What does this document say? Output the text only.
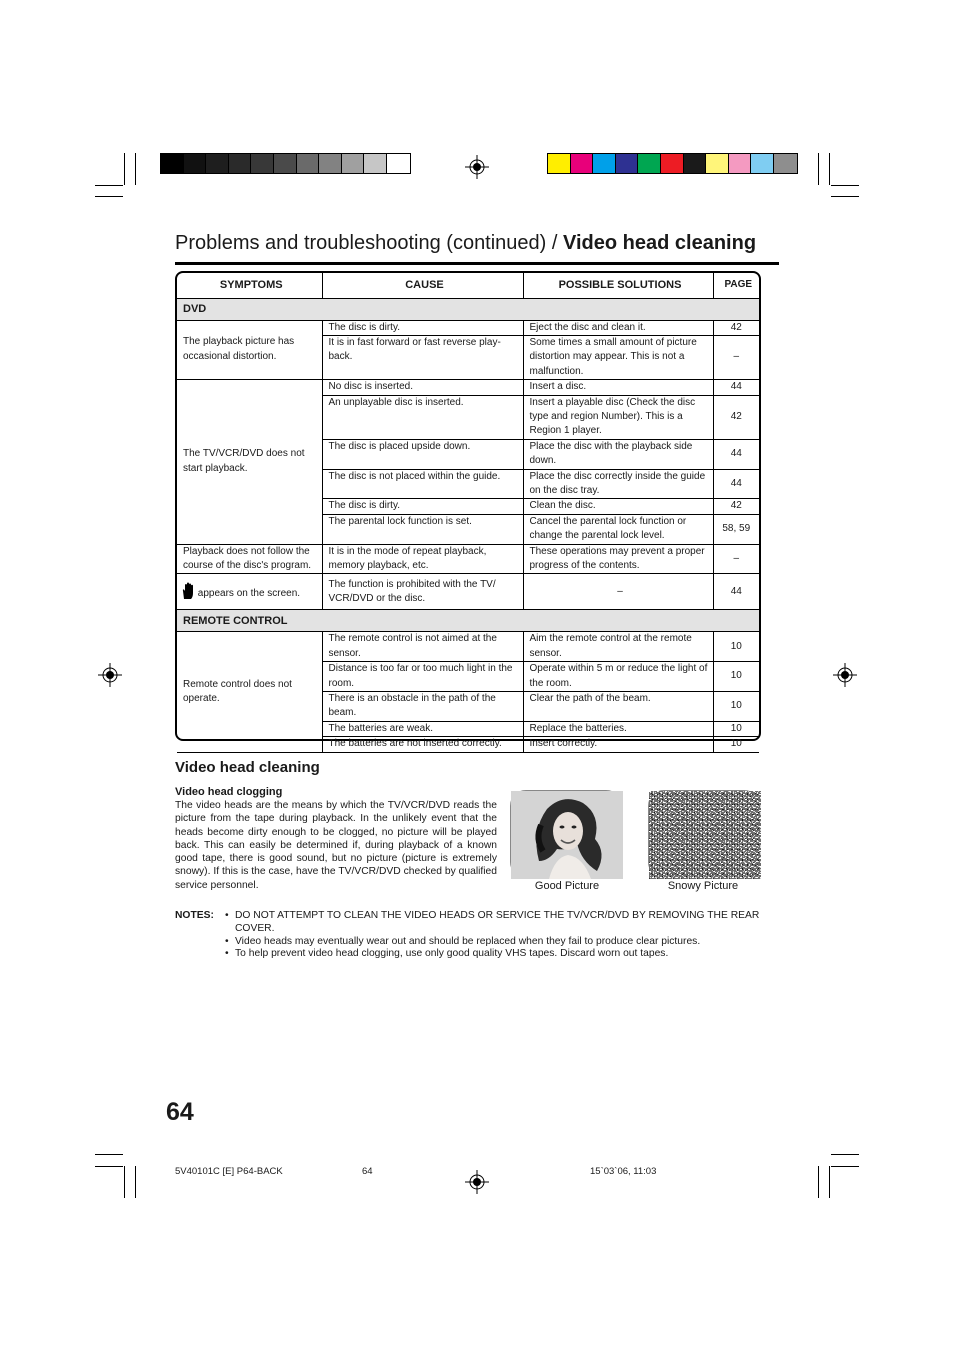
Problems and troubleshooting (continued) / Video head cleaning
SYMPTOMS	CAUSE	POSSIBLE SOLUTIONS	PAGE
DVD			
The playback picture has occasional distortion.	The disc is dirty.	Eject the disc and clean it.	42
	It is in fast forward or fast reverse play-back.	Some times a small amount of picture distortion may appear. This is not a malfunction.	–
The TV/VCR/DVD does not start playback.	No disc is inserted.	Insert a disc.	44
	An unplayable disc is inserted.	Insert a playable disc (Check the disc type and region Number). This is a Region 1 player.	42
	The disc is placed upside down.	Place the disc with the playback side down.	44
	The disc is not placed within the guide.	Place the disc correctly inside the guide on the disc tray.	44
	The disc is dirty.	Clean the disc.	42
	The parental lock function is set.	Cancel the parental lock function or change the parental lock level.	58, 59
Playback does not follow the course of the disc's program.	It is in the mode of repeat playback, memory playback, etc.	These operations may prevent a proper progress of the contents.	–
appears on the screen.	The function is prohibited with the TV/ VCR/DVD or the disc.	–	44
REMOTE CONTROL			
Remote control does not operate.	The remote control is not aimed at the sensor.	Aim the remote control at the remote sensor.	10
	Distance is too far or too much light in the room.	Operate within 5 m or reduce the light of the room.	10
	There is an obstacle in the path of the beam.	Clear the path of the beam.	10
	The batteries are weak.	Replace the batteries.	10
	The batteries are not inserted correctly.	Insert correctly.	10
Video head cleaning
Video head clogging

The video heads are the means by which the TV/VCR/DVD reads the picture from the tape during playback. In the unlikely event that the heads become dirty enough to be clogged, no picture will be played back. This can easily be determined if, during playback of a known good tape, there is good sound, but no picture (picture is extremely snowy). If this is the case, have the TV/VCR/DVD checked by qualified service personnel.	Good Picture	Snowy Picture
NOTES:	• DO NOT ATTEMPT TO CLEAN THE VIDEO HEADS OR SERVICE THE TV/VCR/DVD BY REMOVING THE REAR COVER.
• Video heads may eventually wear out and should be replaced when they fail to produce clear pictures.
• To help prevent video head clogging, use only good quality VHS tapes. Discard worn out tapes.
64
5V40101C [E] P64-BACK	64	15`03`06, 11:03
